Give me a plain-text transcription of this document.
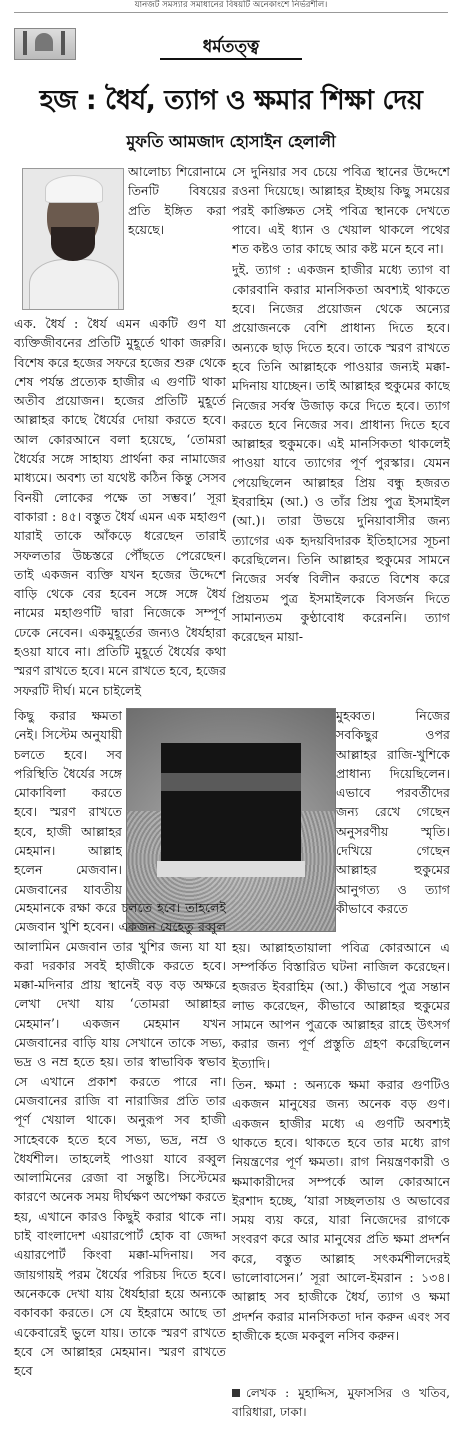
যানজট সমস্যার সমাধানের বিষয়টি অনেকাংশে নির্ভরশীল।
ধর্মতত্ত্ব
হজ : ধৈর্য, ত্যাগ ও ক্ষমার শিক্ষা দেয়
মুফতি আমজাদ হোসাইন হেলালী

আলোচ্য শিরোনামে তিনটি বিষয়ের প্রতি ইঙ্গিত করা হয়েছে।

এক. ধৈর্য : ধৈর্য এমন একটি গুণ যা ব্যক্তিজীবনের প্রতিটি মুহূর্তে থাকা জরুরি। বিশেষ করে হজের সফরে হজের শুরু থেকে শেষ পর্যন্ত প্রত্যেক হাজীর এ গুণটি থাকা অতীব প্রয়োজন। হজের প্রতিটি মুহূর্তে আল্লাহর কাছে ধৈর্যের দোয়া করতে হবে। আল কোরআনে বলা হয়েছে, ‘তোমরা ধৈর্যের সঙ্গে সাহায্য প্রার্থনা কর নামাজের মাধ্যমে। অবশ্য তা যথেষ্ট কঠিন কিন্তু সেসব বিনয়ী লোকের পক্ষে তা সম্ভব।’ সূরা বাকারা : ৪৫। বস্তুত ধৈর্য এমন এক মহাগুণ যারাই তাকে আঁকড়ে ধরেছেন তারাই সফলতার উচ্চস্তরে পৌঁছতে পেরেছেন। তাই একজন ব্যক্তি যখন হজের উদ্দেশে বাড়ি থেকে বের হবেন সঙ্গে সঙ্গে ধৈর্য নামের মহাগুণটি দ্বারা নিজেকে সম্পূর্ণ ঢেকে নেবেন। একমুহূর্তের জন্যও ধৈর্যহারা হওয়া যাবে না। প্রতিটি মুহূর্তে ধৈর্যের কথা স্মরণ রাখতে হবে। মনে রাখতে হবে, হজের সফরটি দীর্ঘ। মনে চাইলেই

সে দুনিয়ার সব চেয়ে পবিত্র স্থানের উদ্দেশে রওনা দিয়েছে। আল্লাহর ইচ্ছায় কিছু সময়ের পরই কাঙ্ক্ষিত সেই পবিত্র স্থানকে দেখতে পাবে। এই ধ্যান ও খেয়াল থাকলে পথের শত কষ্টও তার কাছে আর কষ্ট মনে হবে না।

দুই. ত্যাগ : একজন হাজীর মধ্যে ত্যাগ বা কোরবানি করার মানসিকতা অবশ্যই থাকতে হবে। নিজের প্রয়োজন থেকে অন্যের প্রয়োজনকে বেশি প্রাধান্য দিতে হবে। অন্যকে ছাড় দিতে হবে। তাকে স্মরণ রাখতে হবে তিনি আল্লাহকে পাওয়ার জন্যই মক্কা-মদিনায় যাচ্ছেন। তাই আল্লাহর হুকুমের কাছে নিজের সর্বস্ব উজাড় করে দিতে হবে। ত্যাগ করতে হবে নিজের সব। প্রাধান্য দিতে হবে আল্লাহর হুকুমকে। এই মানসিকতা থাকলেই পাওয়া যাবে ত্যাগের পূর্ণ পুরস্কার। যেমন পেয়েছিলেন আল্লাহর প্রিয় বন্ধু হজরত ইবরাহিম (আ.) ও তাঁর প্রিয় পুত্র ইসমাইল (আ.)। তারা উভয়ে দুনিয়াবাসীর জন্য ত্যাগের এক হৃদয়বিদারক ইতিহাসের সূচনা করেছিলেন। তিনি আল্লাহর হুকুমের সামনে নিজের সর্বস্ব বিলীন করতে বিশেষ করে প্রিয়তম পুত্র ইসমাইলকে বিসর্জন দিতে সামান্যতম কুণ্ঠাবোধ করেননি। ত্যাগ করেছেন মায়া-

কিছু করার ক্ষমতা নেই। সিস্টেম অনুযায়ী চলতে হবে। সব পরিস্থিতি ধৈর্যের সঙ্গে মোকাবিলা করতে হবে। স্মরণ রাখতে হবে, হাজী আল্লাহর মেহমান। আল্লাহ হলেন মেজবান। মেজবানের যাবতীয়

মুহব্বত। নিজের সবকিছুর ওপর আল্লাহর রাজি-খুশিকে প্রাধান্য দিয়েছিলেন। এভাবে পরবর্তীদের জন্য রেখে গেছেন অনুসরণীয় স্মৃতি। দেখিয়ে গেছেন আল্লাহর হুকুমের আনুগত্য ও ত্যাগ কীভাবে করতে

মেহমানকে রক্ষা করে চলতে হবে। তাহলেই মেজবান খুশি হবেন। একজন যেহেতু রব্বুল আলামিন মেজবান তার খুশির জন্য যা যা করা দরকার সবই হাজীকে করতে হবে। মক্কা-মদিনার প্রায় স্থানেই বড় বড় অক্ষরে লেখা দেখা যায় ‘তোমরা আল্লাহর মেহমান’। একজন মেহমান যখন মেজবানের বাড়ি যায় সেখানে তাকে সভ্য, ভদ্র ও নম্র হতে হয়। তার স্বাভাবিক স্বভাব সে এখানে প্রকাশ করতে পারে না। মেজবানের রাজি বা নারাজির প্রতি তার পূর্ণ খেয়াল থাকে। অনুরূপ সব হাজী সাহেবকে হতে হবে সভ্য, ভদ্র, নম্র ও ধৈর্যশীল। তাহলেই পাওয়া যাবে রব্বুল আলামিনের রেজা বা সন্তুষ্টি। সিস্টেমের কারণে অনেক সময় দীর্ঘক্ষণ অপেক্ষা করতে হয়, এখানে কারও কিছুই করার থাকে না। চাই বাংলাদেশ এয়ারপোর্ট হোক বা জেদ্দা এয়ারপোর্ট কিংবা মক্কা-মদিনায়। সব জায়গায়ই পরম ধৈর্যের পরিচয় দিতে হবে। অনেককে দেখা যায় ধৈর্যহারা হয়ে অন্যকে বকাবকা করতে। সে যে ইহরামে আছে তা একেবারেই ভুলে যায়। তাকে স্মরণ রাখতে হবে সে আল্লাহর মেহমান। স্মরণ রাখতে হবে

হয়। আল্লাহতায়ালা পবিত্র কোরআনে এ সম্পর্কিত বিস্তারিত ঘটনা নাজিল করেছেন। হজরত ইবরাহিম (আ.) কীভাবে পুত্র সন্তান লাভ করেছেন, কীভাবে আল্লাহর হুকুমের সামনে আপন পুত্রকে আল্লাহর রাহে উৎসর্গ করার জন্য পূর্ণ প্রস্তুতি গ্রহণ করেছিলেন ইত্যাদি।

তিন. ক্ষমা : অন্যকে ক্ষমা করার গুণটিও একজন মানুষের জন্য অনেক বড় গুণ। একজন হাজীর মধ্যে এ গুণটি অবশ্যই থাকতে হবে। থাকতে হবে তার মধ্যে রাগ নিয়ন্ত্রণের পূর্ণ ক্ষমতা। রাগ নিয়ন্ত্রণকারী ও ক্ষমাকারীদের সম্পর্কে আল কোরআনে ইরশাদ হচ্ছে, ‘যারা সচ্ছলতায় ও অভাবের সময় ব্যয় করে, যারা নিজেদের রাগকে সংবরণ করে আর মানুষের প্রতি ক্ষমা প্রদর্শন করে, বস্তুত আল্লাহ সৎকর্মশীলদেরই ভালোবাসেন।’ সূরা আলে-ইমরান : ১৩৪। আল্লাহ সব হাজীকে ধৈর্য, ত্যাগ ও ক্ষমা প্রদর্শন করার মানসিকতা দান করুন এবং সব হাজীকে হজে মকবুল নসিব করুন।

লেখক : মুহাদ্দিস, মুফাসসির ও খতিব, বারিধারা, ঢাকা।
